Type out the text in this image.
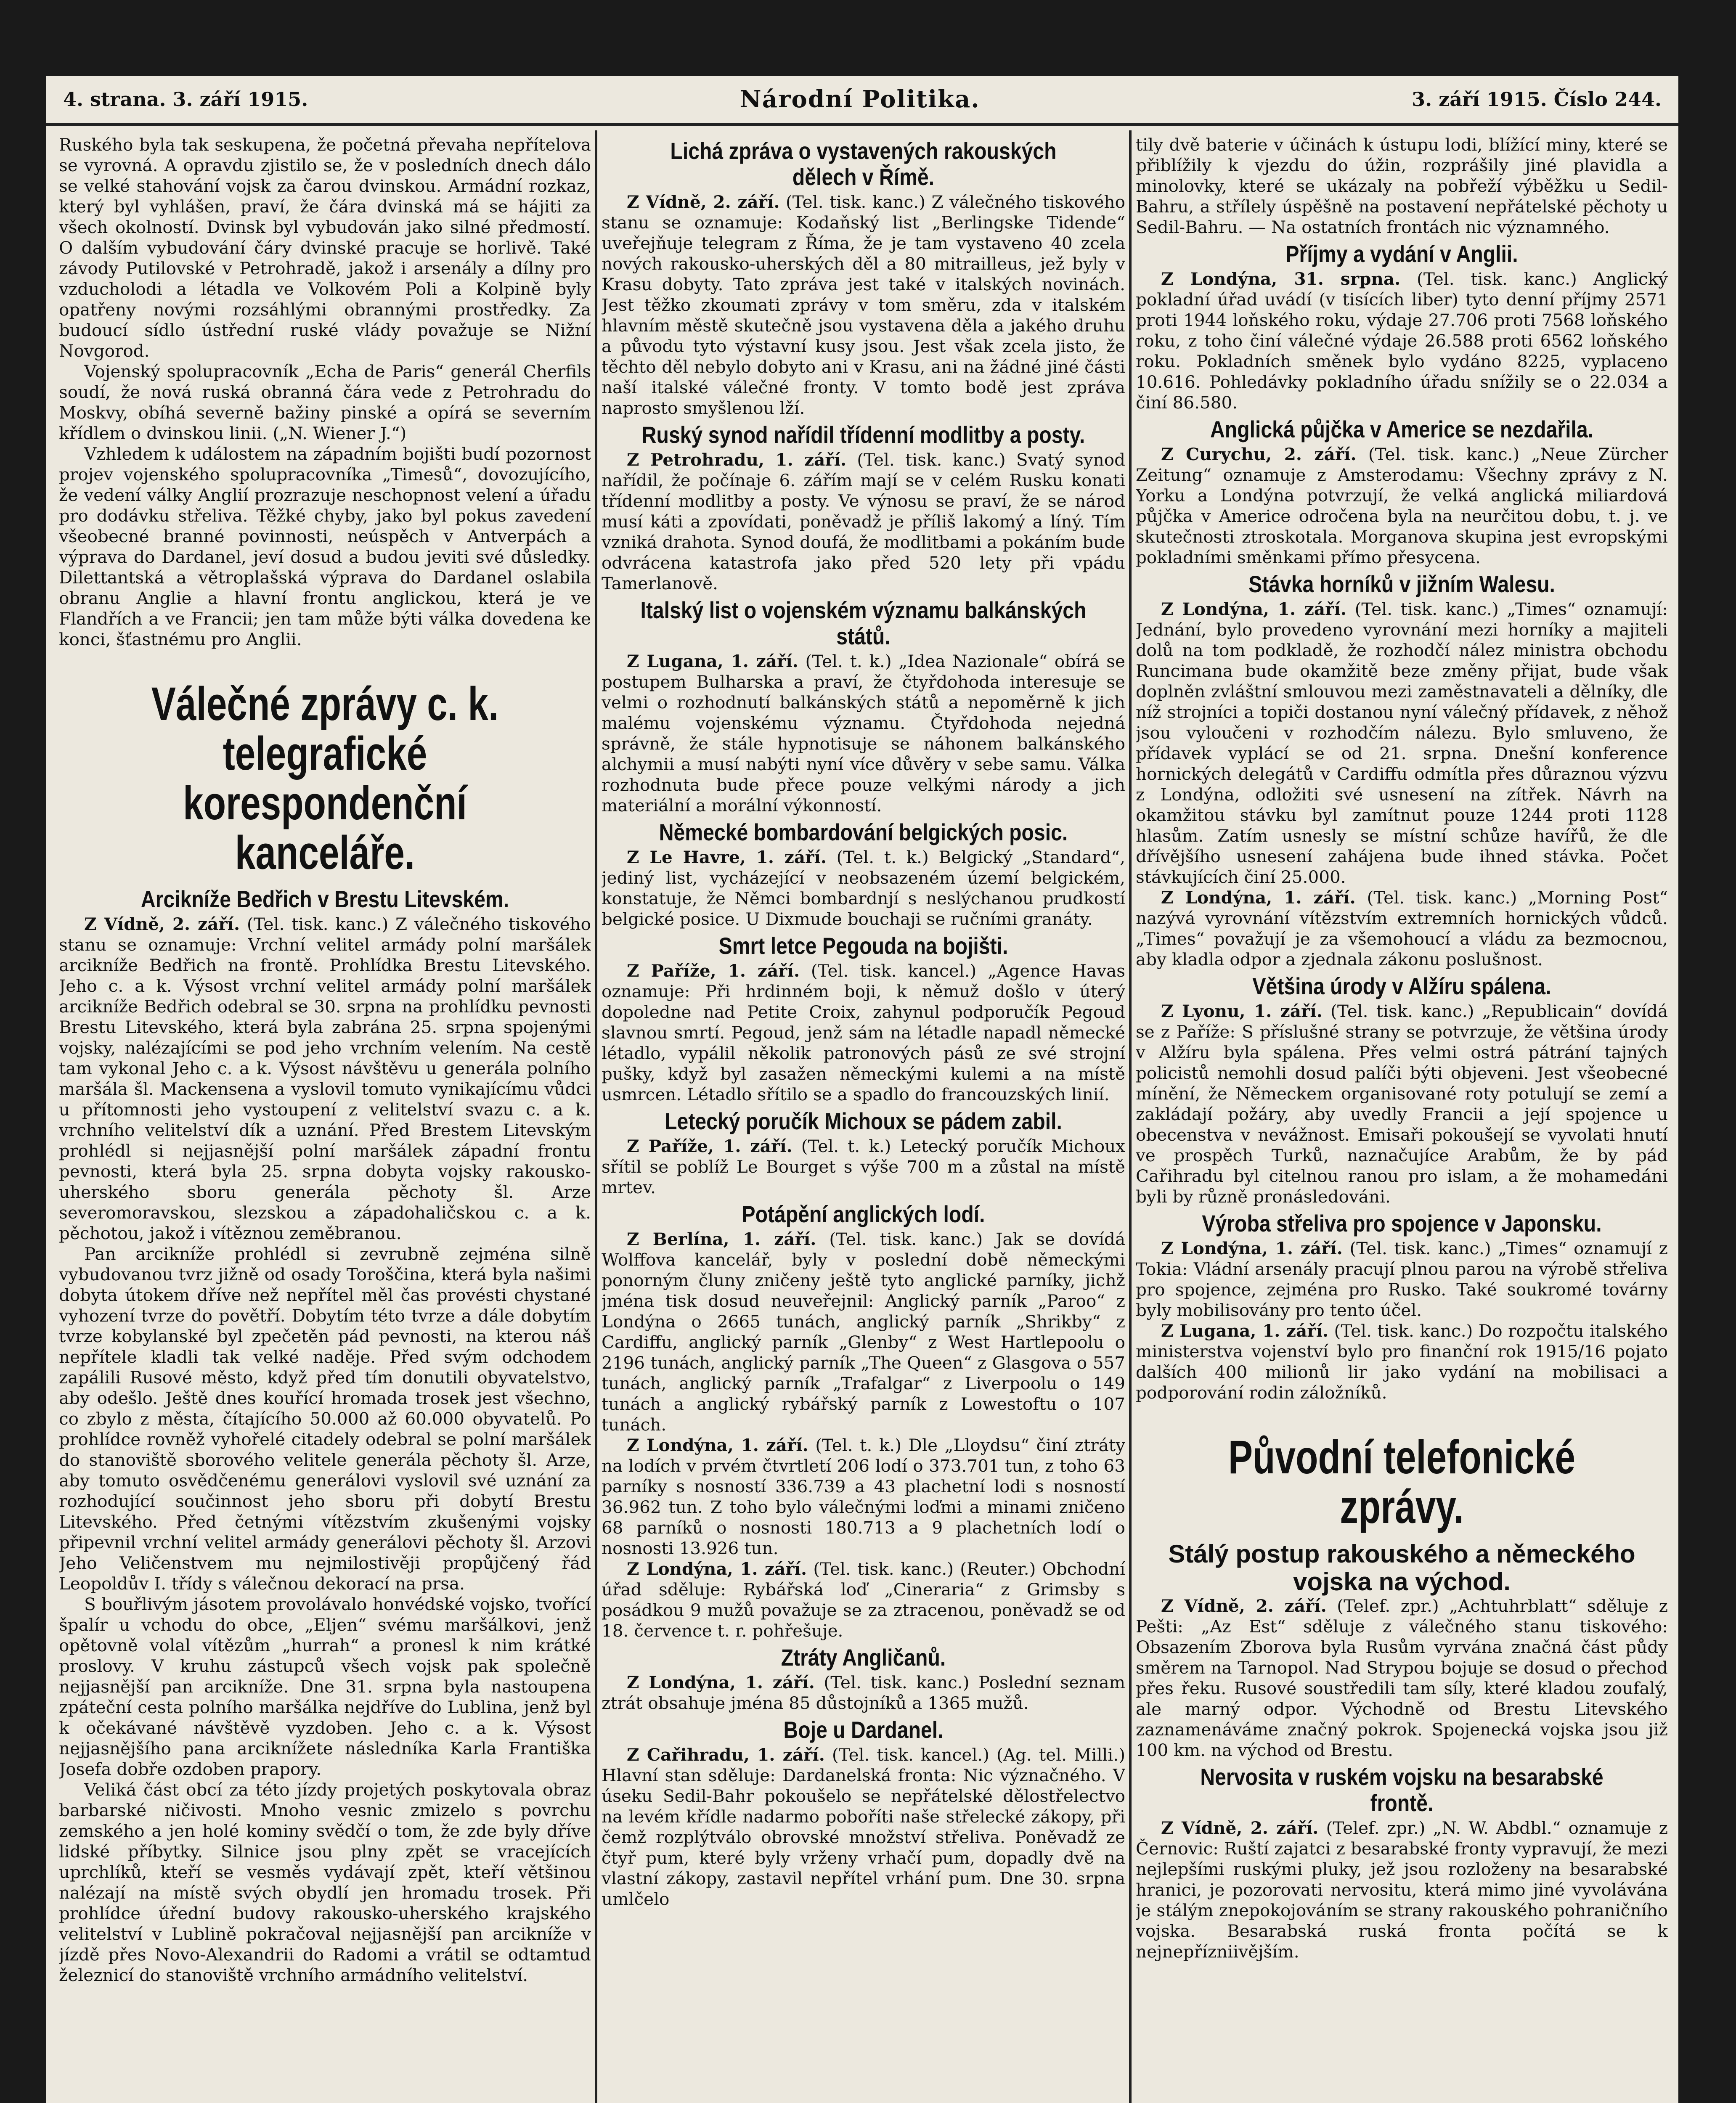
4. strana. 3. září 1915.	Národní Politika.	3. září 1915. Číslo 244.

Ruského byla tak seskupena, že početná převaha nepřítelova se vyrovná. A opravdu zjistilo se, že v posledních dnech dálo se velké stahování vojsk za čarou dvinskou. Armádní rozkaz, který byl vyhlášen, praví, že čára dvinská má se hájiti za všech okolností. Dvinsk byl vybudován jako silné předmostí. O dalším vybudování čáry dvinské pracuje se horlivě. Také závody Putilovské v Petrohradě, jakož i arsenály a dílny pro vzducholodi a létadla ve Volkovém Poli a Kolpině byly opatřeny novými rozsáhlými obrannými prostředky. Za budoucí sídlo ústřední ruské vlády považuje se Nižní Novgorod.

Vojenský spolupracovník „Echa de Paris“ generál Cherfils soudí, že nová ruská obranná čára vede z Petrohradu do Moskvy, obíhá severně bažiny pinské a opírá se severním křídlem o dvinskou linii. („N. Wiener J.“)

Vzhledem k událostem na západním bojišti budí pozornost projev vojenského spolupracovníka „Timesů“, dovozujícího, že vedení války Anglií prozrazuje neschopnost velení a úřadu pro dodávku střeliva. Těžké chyby, jako byl pokus zavedení všeobecné branné povinnosti, neúspěch v Antverpách a výprava do Dardanel, jeví dosud a budou jeviti své důsledky. Dilettantská a větroplašská výprava do Dardanel oslabila obranu Anglie a hlavní frontu anglickou, která je ve Flandřích a ve Francii; jen tam může býti válka dovedena ke konci, šťastnému pro Anglii.

Válečné zprávy c. k. telegrafické korespondenční kanceláře.
Arcikníže Bedřich v Brestu Litevském.

Z Vídně, 2. září. (Tel. tisk. kanc.) Z válečného tiskového stanu se oznamuje: Vrchní velitel armády polní maršálek arcikníže Bedřich na frontě. Prohlídka Brestu Litevského. Jeho c. a k. Výsost vrchní velitel armády polní maršálek arcikníže Bedřich odebral se 30. srpna na prohlídku pevnosti Brestu Litevského, která byla zabrána 25. srpna spojenými vojsky, nalézajícími se pod jeho vrchním velením. Na cestě tam vykonal Jeho c. a k. Výsost návštěvu u generála polního maršála šl. Mackensena a vyslovil tomuto vynikajícímu vůdci u přítomnosti jeho vystoupení z velitelství svazu c. a k. vrchního velitelství dík a uznání. Před Brestem Litevským prohlédl si nejjasnější polní maršálek západní frontu pevnosti, která byla 25. srpna dobyta vojsky rakousko-uherského sboru generála pěchoty šl. Arze severomoravskou, slezskou a západohaličskou c. a k. pěchotou, jakož i vítěznou zeměbranou.

Pan arcikníže prohlédl si zevrubně zejména silně vybudovanou tvrz jižně od osady Toroščina, která byla našimi dobyta útokem dříve než nepřítel měl čas provésti chystané vyhození tvrze do povětří. Dobytím této tvrze a dále dobytím tvrze kobylanské byl zpečetěn pád pevnosti, na kterou náš nepřítele kladli tak velké naděje. Před svým odchodem zapálili Rusové město, když před tím donutili obyvatelstvo, aby odešlo. Ještě dnes kouřící hromada trosek jest všechno, co zbylo z města, čítajícího 50.000 až 60.000 obyvatelů. Po prohlídce rovněž vyhořelé citadely odebral se polní maršálek do stanoviště sborového velitele generála pěchoty šl. Arze, aby tomuto osvědčenému generálovi vyslovil své uznání za rozhodující součinnost jeho sboru při dobytí Brestu Litevského. Před četnými vítězstvím zkušenými vojsky připevnil vrchní velitel armády generálovi pěchoty šl. Arzovi Jeho Veličenstvem mu nejmilostivěji propůjčený řád Leopoldův I. třídy s válečnou dekorací na prsa.

S bouřlivým jásotem provolávalo honvédské vojsko, tvořící špalír u vchodu do obce, „Eljen“ svému maršálkovi, jenž opětovně volal vítězům „hurrah“ a pronesl k nim krátké proslovy. V kruhu zástupců všech vojsk pak společně nejjasnější pan arcikníže. Dne 31. srpna byla nastoupena zpáteční cesta polního maršálka nejdříve do Lublina, jenž byl k očekávané návštěvě vyzdoben. Jeho c. a k. Výsost nejjasnějšího pana arciknížete následníka Karla Františka Josefa dobře ozdoben prapory.

Veliká část obcí za této jízdy projetých poskytovala obraz barbarské ničivosti. Mnoho vesnic zmizelo s povrchu zemského a jen holé kominy svědčí o tom, že zde byly dříve lidské příbytky. Silnice jsou plny zpět se vracejících uprchlíků, kteří se vesměs vydávají zpět, kteří většinou nalézají na místě svých obydlí jen hromadu trosek. Při prohlídce úřední budovy rakousko-uherského krajského velitelství v Lublině pokračoval nejjasnější pan arcikníže v jízdě přes Novo-Alexandrii do Radomi a vrátil se odtamtud železnicí do stanoviště vrchního armádního velitelství.

Lichá zpráva o vystavených rakouských dělech v Římě.

Z Vídně, 2. září. (Tel. tisk. kanc.) Z válečného tiskového stanu se oznamuje: Kodaňský list „Berlingske Tidende“ uveřejňuje telegram z Říma, že je tam vystaveno 40 zcela nových rakousko-uherských děl a 80 mitrailleus, jež byly v Krasu dobyty. Tato zpráva jest také v italských novinách. Jest těžko zkoumati zprávy v tom směru, zda v italském hlavním městě skutečně jsou vystavena děla a jakého druhu a původu tyto výstavní kusy jsou. Jest však zcela jisto, že těchto děl nebylo dobyto ani v Krasu, ani na žádné jiné části naší italské válečné fronty. V tomto bodě jest zpráva naprosto smyšlenou lží.

Ruský synod nařídil třídenní modlitby a posty.

Z Petrohradu, 1. září. (Tel. tisk. kanc.) Svatý synod nařídil, že počínaje 6. zářím mají se v celém Rusku konati třídenní modlitby a posty. Ve výnosu se praví, že se národ musí káti a zpovídati, poněvadž je příliš lakomý a líný. Tím vzniká drahota. Synod doufá, že modlitbami a pokáním bude odvrácena katastrofa jako před 520 lety při vpádu Tamerlanově.

Italský list o vojenském významu balkánských států.

Z Lugana, 1. září. (Tel. t. k.) „Idea Nazionale“ obírá se postupem Bulharska a praví, že čtyřdohoda interesuje se velmi o rozhodnutí balkánských států a nepoměrně k jich malému vojenskému významu. Čtyřdohoda nejedná správně, že stále hypnotisuje se náhonem balkánského alchymii a musí nabýti nyní více důvěry v sebe samu. Válka rozhodnuta bude přece pouze velkými národy a jich materiální a morální výkonností.

Německé bombardování belgických posic.

Z Le Havre, 1. září. (Tel. t. k.) Belgický „Standard“, jediný list, vycházející v neobsazeném území belgickém, konstatuje, že Němci bombardnjí s neslýchanou prudkostí belgické posice. U Dixmude bouchaji se ručními granáty.

Smrt letce Pegouda na bojišti.

Z Paříže, 1. září. (Tel. tisk. kancel.) „Agence Havas oznamuje: Při hrdinném boji, k němuž došlo v úterý dopoledne nad Petite Croix, zahynul podporučík Pegoud slavnou smrtí. Pegoud, jenž sám na létadle napadl německé létadlo, vypálil několik patronových pásů ze své strojní pušky, když byl zasažen německými kulemi a na místě usmrcen. Létadlo sřítilo se a spadlo do francouzských linií.

Letecký poručík Michoux se pádem zabil.

Z Paříže, 1. září. (Tel. t. k.) Letecký poručík Michoux sřítil se poblíž Le Bourget s výše 700 m a zůstal na místě mrtev.

Potápění anglických lodí.

Z Berlína, 1. září. (Tel. tisk. kanc.) Jak se dovídá Wolffova kancelář, byly v poslední době německými ponorným čluny zničeny ještě tyto anglické parníky, jichž jména tisk dosud neuveřejnil: Anglický parník „Paroo“ z Londýna o 2665 tunách, anglický parník „Shrikby“ z Cardiffu, anglický parník „Glenby“ z West Hartlepoolu o 2196 tunách, anglický parník „The Queen“ z Glasgova o 557 tunách, anglický parník „Trafalgar“ z Liverpoolu o 149 tunách a anglický rybářský parník z Lowestoftu o 107 tunách.

Z Londýna, 1. září. (Tel. t. k.) Dle „Lloydsu“ činí ztráty na lodích v prvém čtvrtletí 206 lodí o 373.701 tun, z toho 63 parníky s nosností 336.739 a 43 plachetní lodi s nosností 36.962 tun. Z toho bylo válečnými loďmi a minami zničeno 68 parníků o nosnosti 180.713 a 9 plachetních lodí o nosnosti 13.926 tun.

Z Londýna, 1. září. (Tel. tisk. kanc.) (Reuter.) Obchodní úřad sděluje: Rybářská loď „Cineraria“ z Grimsby s posádkou 9 mužů považuje se za ztracenou, poněvadž se od 18. července t. r. pohřešuje.

Ztráty Angličanů.

Z Londýna, 1. září. (Tel. tisk. kanc.) Poslední seznam ztrát obsahuje jména 85 důstojníků a 1365 mužů.

Boje u Dardanel.

Z Cařihradu, 1. září. (Tel. tisk. kancel.) (Ag. tel. Milli.) Hlavní stan sděluje: Dardanelská fronta: Nic význačného. V úseku Sedil-Bahr pokoušelo se nepřátelské dělostřelectvo na levém křídle nadarmo poboříti naše střelecké zákopy, při čemž rozplýtválo obrovské množství střeliva. Poněvadž ze čtyř pum, které byly vrženy vrhačí pum, dopadly dvě na vlastní zákopy, zastavil nepřítel vrhání pum. Dne 30. srpna umlčelo

tily dvě baterie v účinách k ústupu lodi, blížící miny, které se přiblížily k vjezdu do úžin, rozprášily jiné plavidla a minolovky, které se ukázaly na pobřeží výběžku u Sedil-Bahru, a střílely úspěšně na postavení nepřátelské pěchoty u Sedil-Bahru. — Na ostatních frontách nic významného.

Příjmy a vydání v Anglii.

Z Londýna, 31. srpna. (Tel. tisk. kanc.) Anglický pokladní úřad uvádí (v tisících liber) tyto denní příjmy 2571 proti 1944 loňského roku, výdaje 27.706 proti 7568 loňského roku, z toho činí válečné výdaje 26.588 proti 6562 loňského roku. Pokladních směnek bylo vydáno 8225, vyplaceno 10.616. Pohledávky pokladního úřadu snížily se o 22.034 a činí 86.580.

Anglická půjčka v Americe se nezdařila.

Z Curychu, 2. září. (Tel. tisk. kanc.) „Neue Zürcher Zeitung“ oznamuje z Amsterodamu: Všechny zprávy z N. Yorku a Londýna potvrzují, že velká anglická miliardová půjčka v Americe odročena byla na neurčitou dobu, t. j. ve skutečnosti ztroskotala. Morganova skupina jest evropskými pokladními směnkami přímo přesycena.

Stávka horníků v jižním Walesu.

Z Londýna, 1. září. (Tel. tisk. kanc.) „Times“ oznamují: Jednání, bylo provedeno vyrovnání mezi horníky a majiteli dolů na tom podkladě, že rozhodčí nález ministra obchodu Runcimana bude okamžitě beze změny přijat, bude však doplněn zvláštní smlouvou mezi zaměstnavateli a dělníky, dle níž strojníci a topiči dostanou nyní válečný přídavek, z něhož jsou vyloučeni v rozhodčím nálezu. Bylo smluveno, že přídavek vyplácí se od 21. srpna. Dnešní konference hornických delegátů v Cardiffu odmítla přes důraznou výzvu z Londýna, odložiti své usnesení na zítřek. Návrh na okamžitou stávku byl zamítnut pouze 1244 proti 1128 hlasům. Zatím usnesly se místní schůze havířů, že dle dřívějšího usnesení zahájena bude ihned stávka. Počet stávkujících činí 25.000.

Z Londýna, 1. září. (Tel. tisk. kanc.) „Morning Post“ nazývá vyrovnání vítězstvím extremních hornických vůdců. „Times“ považují je za všemohoucí a vládu za bezmocnou, aby kladla odpor a zjednala zákonu poslušnost.

Většina úrody v Alžíru spálena.

Z Lyonu, 1. září. (Tel. tisk. kanc.) „Republicain“ dovídá se z Paříže: S příslušné strany se potvrzuje, že většina úrody v Alžíru byla spálena. Přes velmi ostrá pátrání tajných policistů nemohli dosud palíči býti objeveni. Jest všeobecné mínění, že Německem organisované roty potulují se zemí a zakládají požáry, aby uvedly Francii a její spojence u obecenstva v nevážnost. Emisaři pokoušejí se vyvolati hnutí ve prospěch Turků, naznačujíce Arabům, že by pád Cařihradu byl citelnou ranou pro islam, a že mohamedáni byli by různě pronásledováni.

Výroba střeliva pro spojence v Japonsku.

Z Londýna, 1. září. (Tel. tisk. kanc.) „Times“ oznamují z Tokia: Vládní arsenály pracují plnou parou na výrobě střeliva pro spojence, zejména pro Rusko. Také soukromé továrny byly mobilisovány pro tento účel.

Z Lugana, 1. září. (Tel. tisk. kanc.) Do rozpočtu italského ministerstva vojenství bylo pro finanční rok 1915/16 pojato dalších 400 milionů lir jako vydání na mobilisaci a podporování rodin záložníků.

Původní telefonické zprávy.
Stálý postup rakouského a německého vojska na východ.

Z Vídně, 2. září. (Telef. zpr.) „Achtuhrblatt“ sděluje z Pešti: „Az Est“ sděluje z válečného stanu tiskového: Obsazením Zborova byla Rusům vyrvána značná část půdy směrem na Tarnopol. Nad Strypou bojuje se dosud o přechod přes řeku. Rusové soustředili tam síly, které kladou zoufalý, ale marný odpor. Východně od Brestu Litevského zaznamenáváme značný pokrok. Spojenecká vojska jsou již 100 km. na východ od Brestu.

Nervosita v ruském vojsku na besarabské frontě.

Z Vídně, 2. září. (Telef. zpr.) „N. W. Abdbl.“ oznamuje z Černovic: Ruští zajatci z besarabské fronty vypravují, že mezi nejlepšími ruskými pluky, jež jsou rozloženy na besarabské hranici, je pozorovati nervositu, která mimo jiné vyvolávána je stálým znepokojováním se strany rakouského pohraničního vojska. Besarabská ruská fronta počítá se k nejnepřízniivějším.
